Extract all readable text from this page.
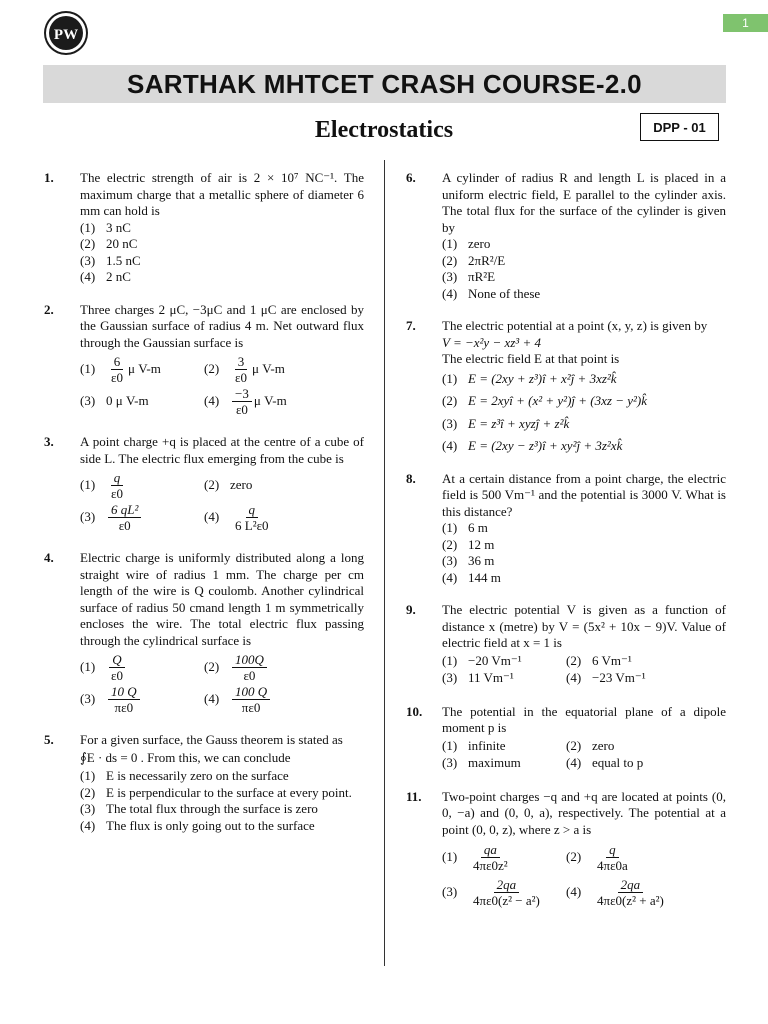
PW
1
SARTHAK MHTCET CRASH COURSE-2.0
Electrostatics	DPP - 01
1.	The electric strength of air is 2 × 10⁷ NC⁻¹. The maximum charge that a metallic sphere of diameter 6 mm can hold is
(1) 3 nC
(2) 20 nC
(3) 1.5 nC
(4) 2 nC
2.	Three charges 2 μC, −3μC and 1 μC are enclosed by the Gaussian surface of radius 4 m. Net outward flux through the Gaussian surface is
$(1) \frac{6}{\varepsilon 0}$ μ V-m	$(2) \frac{3}{\varepsilon 0}$ μ V-m
(3) 0 μ V-m	$(4) \frac{-3}{\varepsilon 0}$ μ V-m
3.	A point charge +q is placed at the centre of a cube of side L. The electric flux emerging from the cube is
$(1) \frac{q}{\varepsilon 0}$	(2) zero
$(3) \frac{\text{6 qL²}}{\varepsilon 0}$	$(4) \frac{q}{\text{6 L²ε0}}$
4.	Electric charge is uniformly distributed along a long straight wire of radius 1 mm. The charge per cm length of the wire is Q coulomb. Another cylindrical surface of radius 50 cmand length 1 m symmetrically encloses the wire. The total electric flux passing through the cylindrical surface is
$(1) \frac{Q}{\varepsilon 0}$	$(2) \frac{100Q}{\varepsilon 0}$
$(3) \frac{10 Q}{\pi\varepsilon 0}$	$(4) \frac{100 Q}{\pi\varepsilon 0}$
5.	For a given surface, the Gauss theorem is stated as
∮E · ds = 0 . From this, we can conclude
(1) E is necessarily zero on the surface
(2) E is perpendicular to the surface at every point.
(3) The total flux through the surface is zero
(4) The flux is only going out to the surface
6.	A cylinder of radius R and length L is placed in a uniform electric field, E parallel to the cylinder axis. The total flux for the surface of the cylinder is given by
(1) zero
(2) 2πR²/E
(3) πR²E
(4) None of these
7.	The electric potential at a point (x, y, z) is given by
V = −x²y − xz³ + 4
The electric field E at that point is
(1) E = (2xy + z³)î + x²ĵ + 3xz²k̂
(2) E = 2xyî + (x² + y²)ĵ + (3xz − y²)k̂
(3) E = z³î + xyzĵ + z²k̂
(4) E = (2xy − z³)î + xy²ĵ + 3z²xk̂
8.	At a certain distance from a point charge, the electric field is 500 Vm⁻¹ and the potential is 3000 V. What is this distance?
(1) 6 m
(2) 12 m
(3) 36 m
(4) 144 m
9.	The electric potential V is given as a function of distance x (metre) by V = (5x² + 10x − 9)V. Value of electric field at x = 1 is
(1) −20 Vm⁻¹	(2) 6 Vm⁻¹
(3) 11 Vm⁻¹	(4) −23 Vm⁻¹
10.	The potential in the equatorial plane of a dipole moment p is
(1) infinite	(2) zero
(3) maximum	(4) equal to p
11.	Two-point charges −q and +q are located at points (0, 0, −a) and (0, 0, a), respectively. The potential at a point (0, 0, z), where z > a is
$(1) \frac{qa}{\text{4πε0z²}}$	$(2) \frac{q}{4\pi\varepsilon 0a}$
$(3) \frac{2qa}{\text{4πε0(z² − a²)}} (4) \frac{2qa}{\text{4πε0(z² + a²)}}$
